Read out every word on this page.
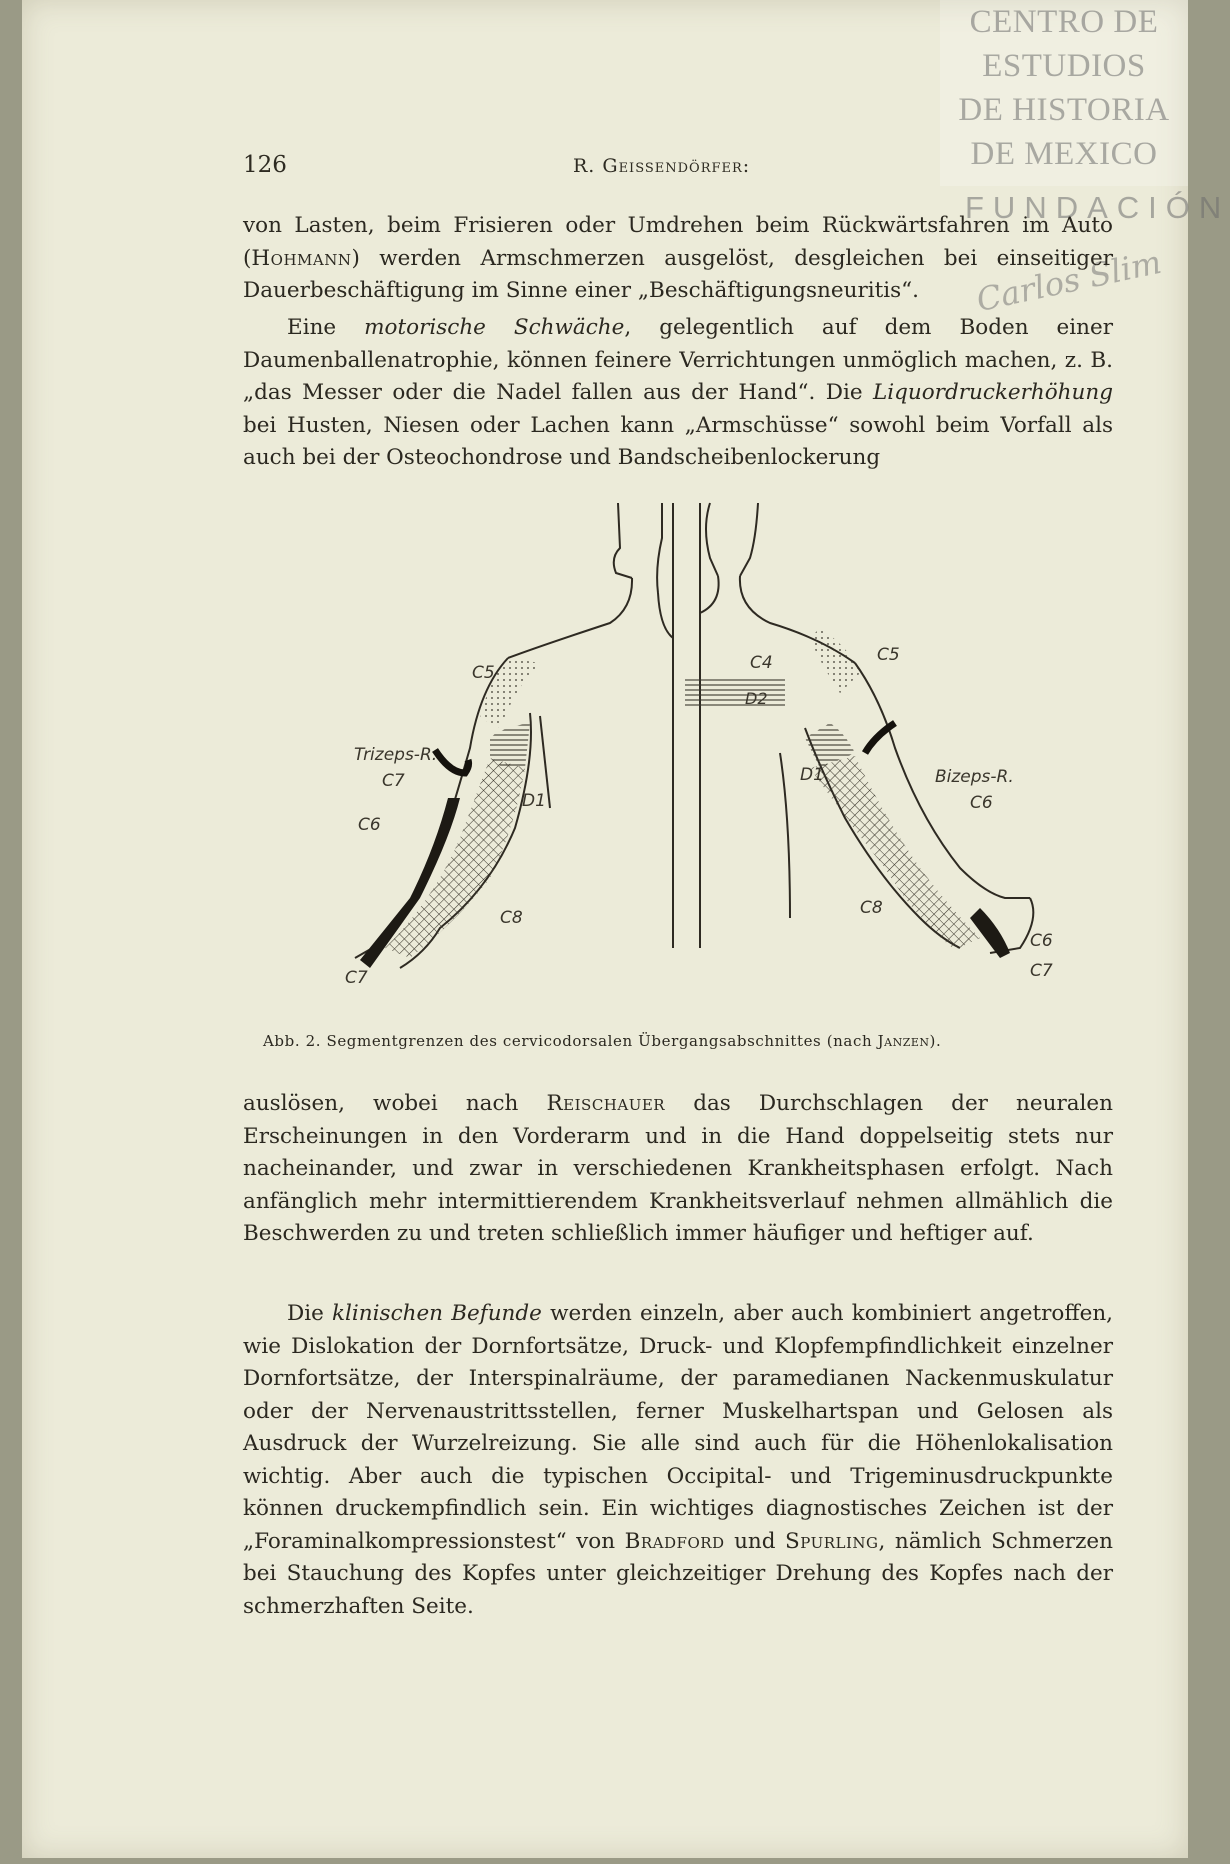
CENTRO DE
ESTUDIOS
DE HISTORIA
DE MEXICO
FUNDACIÓN
Carlos Slim
126	R. Geissendörfer:

von Lasten, beim Frisieren oder Umdrehen beim Rückwärtsfahren im Auto (Hohmann) werden Armschmerzen ausgelöst, desgleichen bei einseitiger Dauerbeschäftigung im Sinne einer „Beschäftigungsneuritis“.

Eine motorische Schwäche, gelegentlich auf dem Boden einer Daumenballenatrophie, können feinere Verrichtungen unmöglich machen, z. B. „das Messer oder die Nadel fallen aus der Hand“. Die Liquordruckerhöhung bei Husten, Niesen oder Lachen kann „Armschüsse“ sowohl beim Vorfall als auch bei der Osteochondrose und Bandscheibenlockerung

C5
Trizeps-R.
C7
C6
D1
C8
C7
C4	C5
D2
D1	Bizeps-R.
C6
C8
C6
C7

Abb. 2. Segmentgrenzen des cervicodorsalen Übergangsabschnittes (nach Janzen).

auslösen, wobei nach Reischauer das Durchschlagen der neuralen Erscheinungen in den Vorderarm und in die Hand doppelseitig stets nur nacheinander, und zwar in verschiedenen Krankheitsphasen erfolgt. Nach anfänglich mehr intermittierendem Krankheitsverlauf nehmen allmählich die Beschwerden zu und treten schließlich immer häufiger und heftiger auf.

Die klinischen Befunde werden einzeln, aber auch kombiniert angetroffen, wie Dislokation der Dornfortsätze, Druck- und Klopfempfindlichkeit einzelner Dornfortsätze, der Interspinalräume, der paramedianen Nackenmuskulatur oder der Nervenaustrittsstellen, ferner Muskelhartspan und Gelosen als Ausdruck der Wurzelreizung. Sie alle sind auch für die Höhenlokalisation wichtig. Aber auch die typischen Occipital- und Trigeminusdruckpunkte können druckempfindlich sein. Ein wichtiges diagnostisches Zeichen ist der „Foraminalkompressionstest“ von Bradford und Spurling, nämlich Schmerzen bei Stauchung des Kopfes unter gleichzeitiger Drehung des Kopfes nach der schmerzhaften Seite.
